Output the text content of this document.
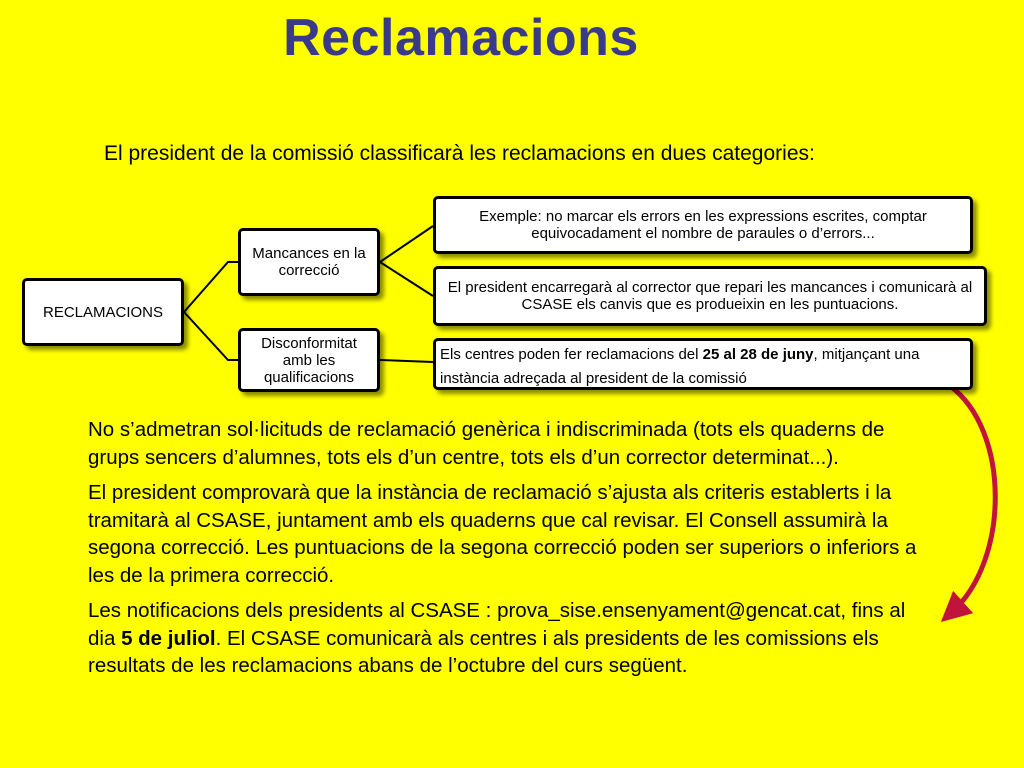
Reclamacions
El president de la comissió classificarà les reclamacions en dues categories:
RECLAMACIONS
Mancances en la correcció
Disconformitat amb les qualificacions
Exemple: no marcar els errors en les expressions escrites, comptar equivocadament el nombre de paraules o d’errors...
El president encarregarà al corrector que repari les mancances i comunicarà al CSASE els canvis que es produeixin en les puntuacions.
Els centres poden fer reclamacions del 25 al 28 de juny, mitjançant una instància adreçada al president de la comissió

No s’admetran sol·licituds de reclamació genèrica i indiscriminada (tots els quaderns de grups sencers d’alumnes, tots els d’un centre, tots els d’un corrector determinat...).

El president comprovarà que la instància de reclamació s’ajusta als criteris establerts i la tramitarà al CSASE, juntament amb els quaderns que cal revisar. El Consell assumirà la segona correcció. Les puntuacions de la segona correcció poden ser superiors o inferiors a les de la primera correcció.

Les notificacions dels presidents al CSASE : prova_sise.ensenyament@gencat.cat, fins al dia 5 de juliol. El CSASE comunicarà als centres i als presidents de les comissions els resultats de les reclamacions abans de l’octubre del curs següent.
